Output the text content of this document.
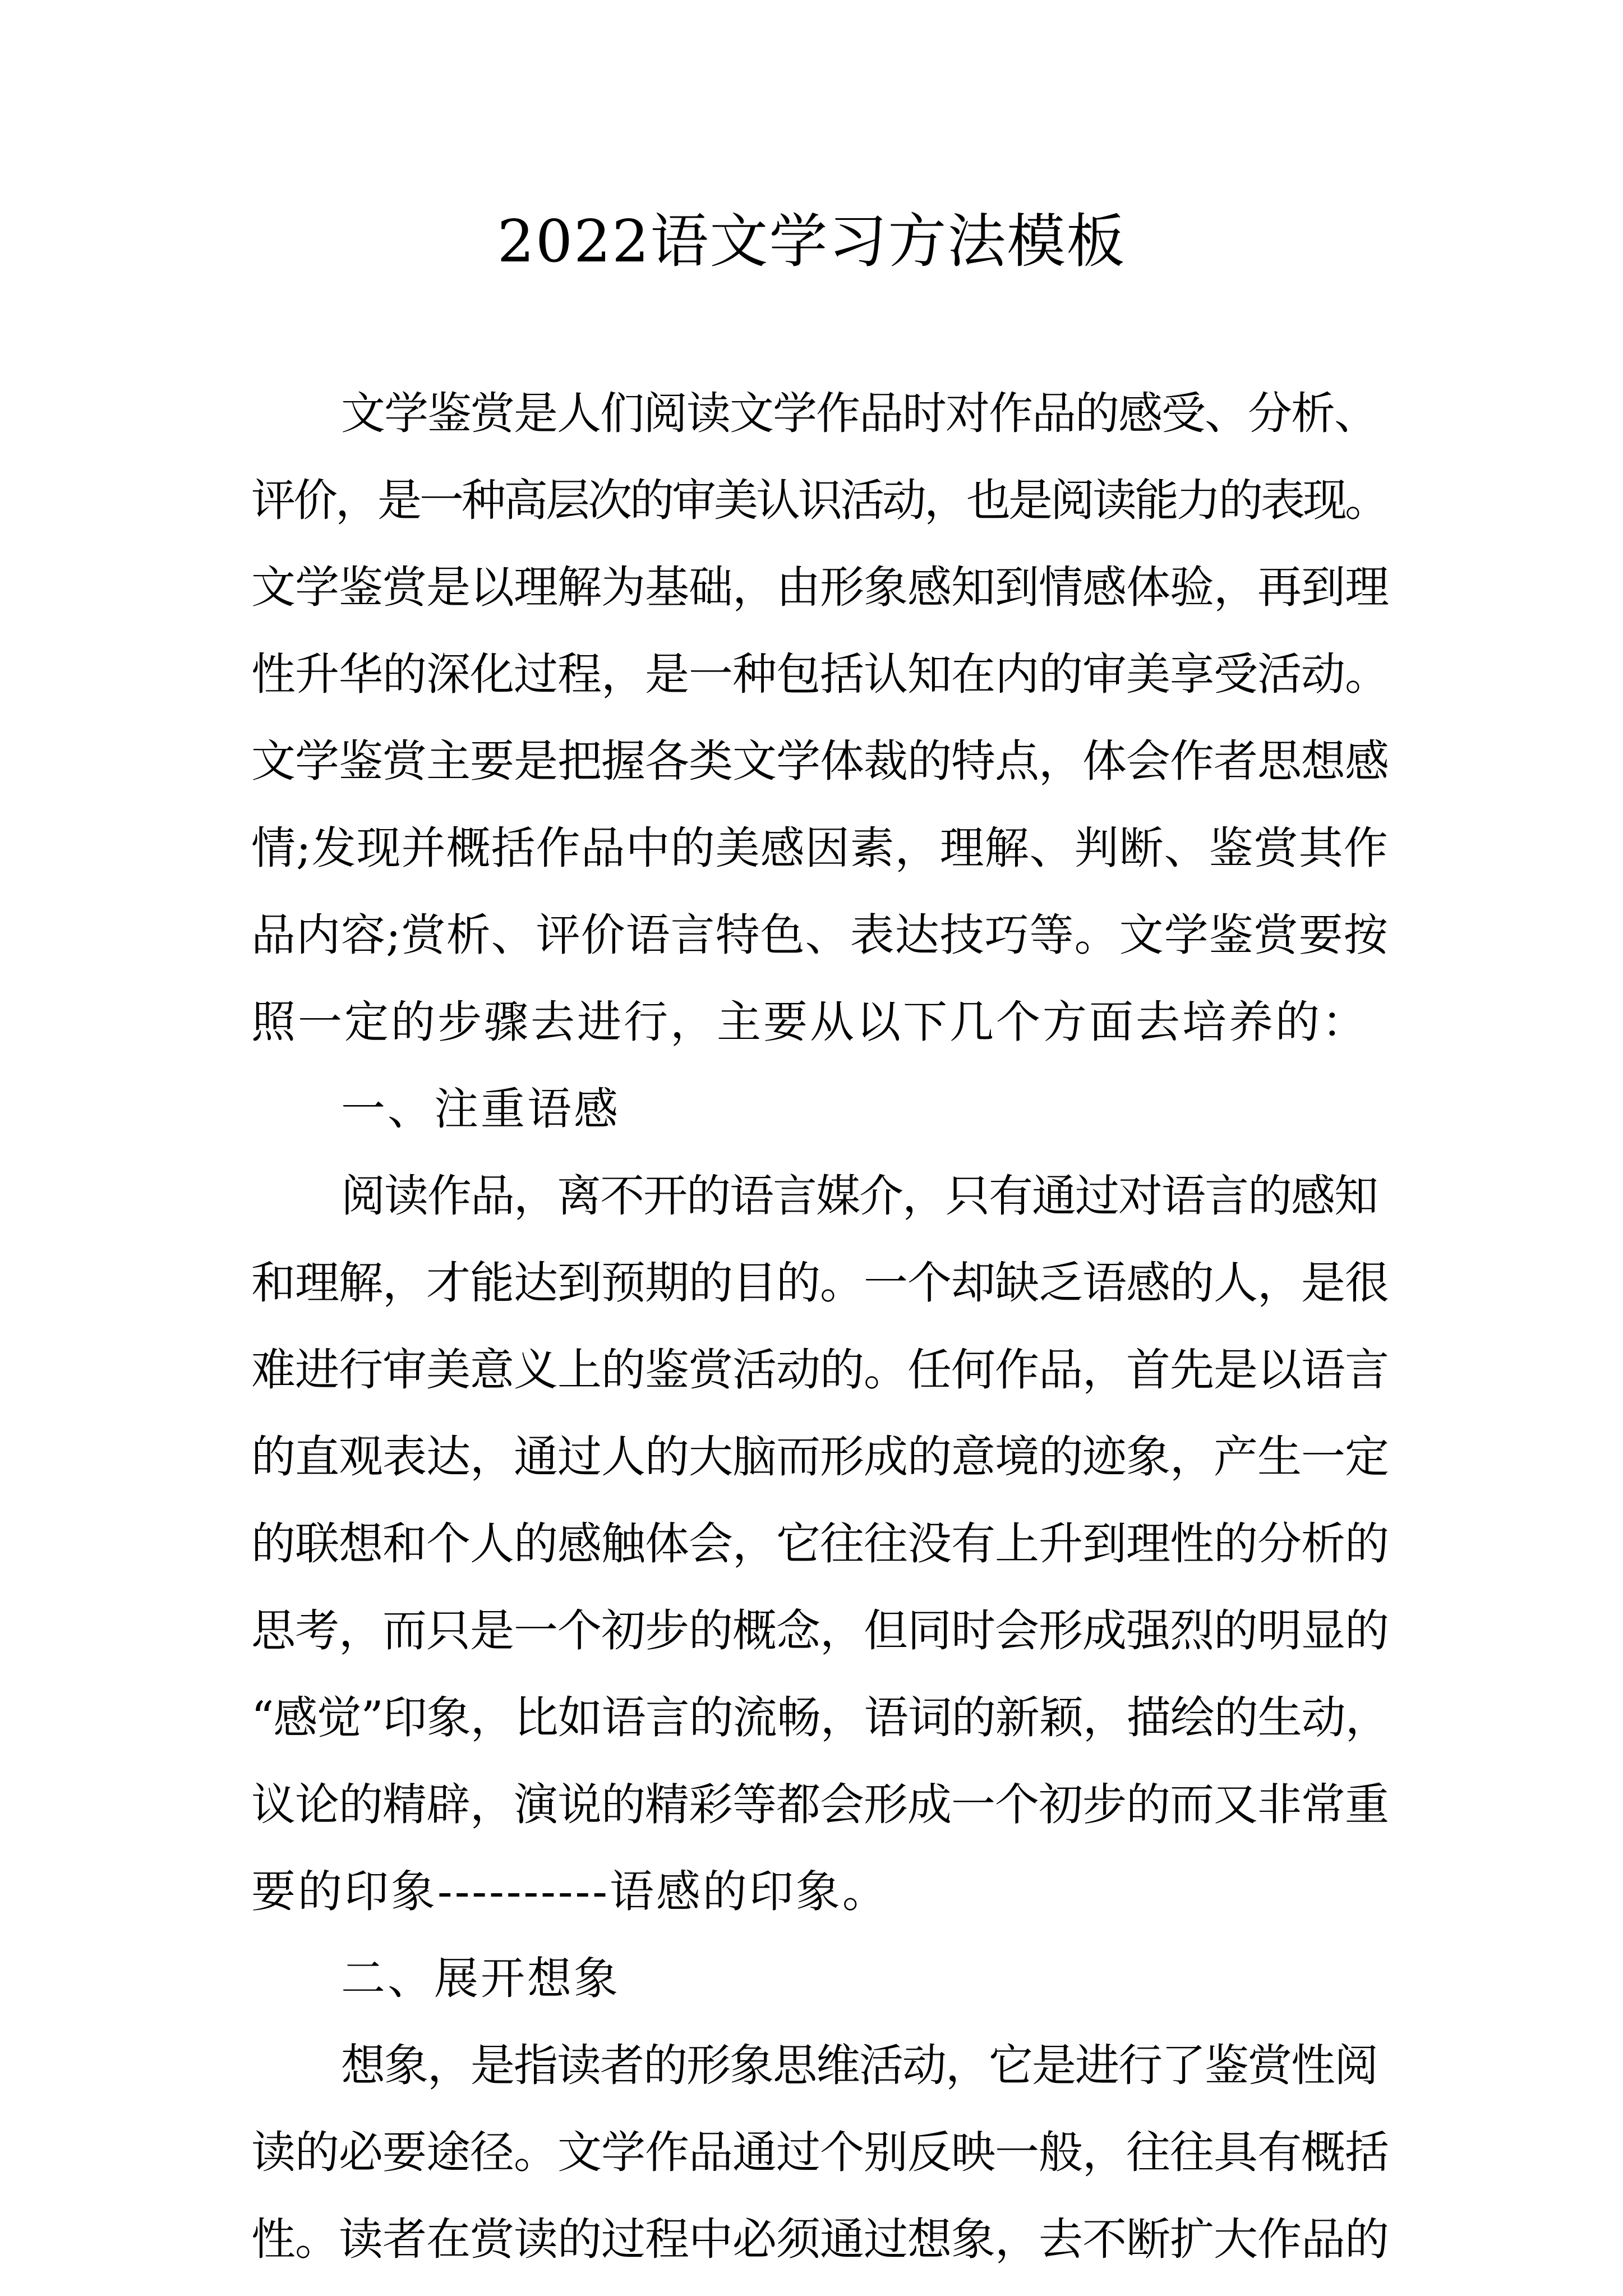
2022语文学习方法模板
文学鉴赏是人们阅读文学作品时对作品的感受、分析、
评价，是一种高层次的审美认识活动，也是阅读能力的表现。
文学鉴赏是以理解为基础，由形象感知到情感体验，再到理
性升华的深化过程，是一种包括认知在内的审美享受活动。
文学鉴赏主要是把握各类文学体裁的特点，体会作者思想感
情;发现并概括作品中的美感因素，理解、判断、鉴赏其作
品内容;赏析、评价语言特色、表达技巧等。文学鉴赏要按
照一定的步骤去进行，主要从以下几个方面去培养的：
一、注重语感
阅读作品，离不开的语言媒介，只有通过对语言的感知
和理解，才能达到预期的目的。一个却缺乏语感的人，是很
难进行审美意义上的鉴赏活动的。任何作品，首先是以语言
的直观表达，通过人的大脑而形成的意境的迹象，产生一定
的联想和个人的感触体会，它往往没有上升到理性的分析的
思考，而只是一个初步的概念，但同时会形成强烈的明显的
“感觉”印象，比如语言的流畅，语词的新颖，描绘的生动，
议论的精辟，演说的精彩等都会形成一个初步的而又非常重
要的印象----------语感的印象。
二、展开想象
想象，是指读者的形象思维活动，它是进行了鉴赏性阅
读的必要途径。文学作品通过个别反映一般，往往具有概括
性。读者在赏读的过程中必须通过想象，去不断扩大作品的
